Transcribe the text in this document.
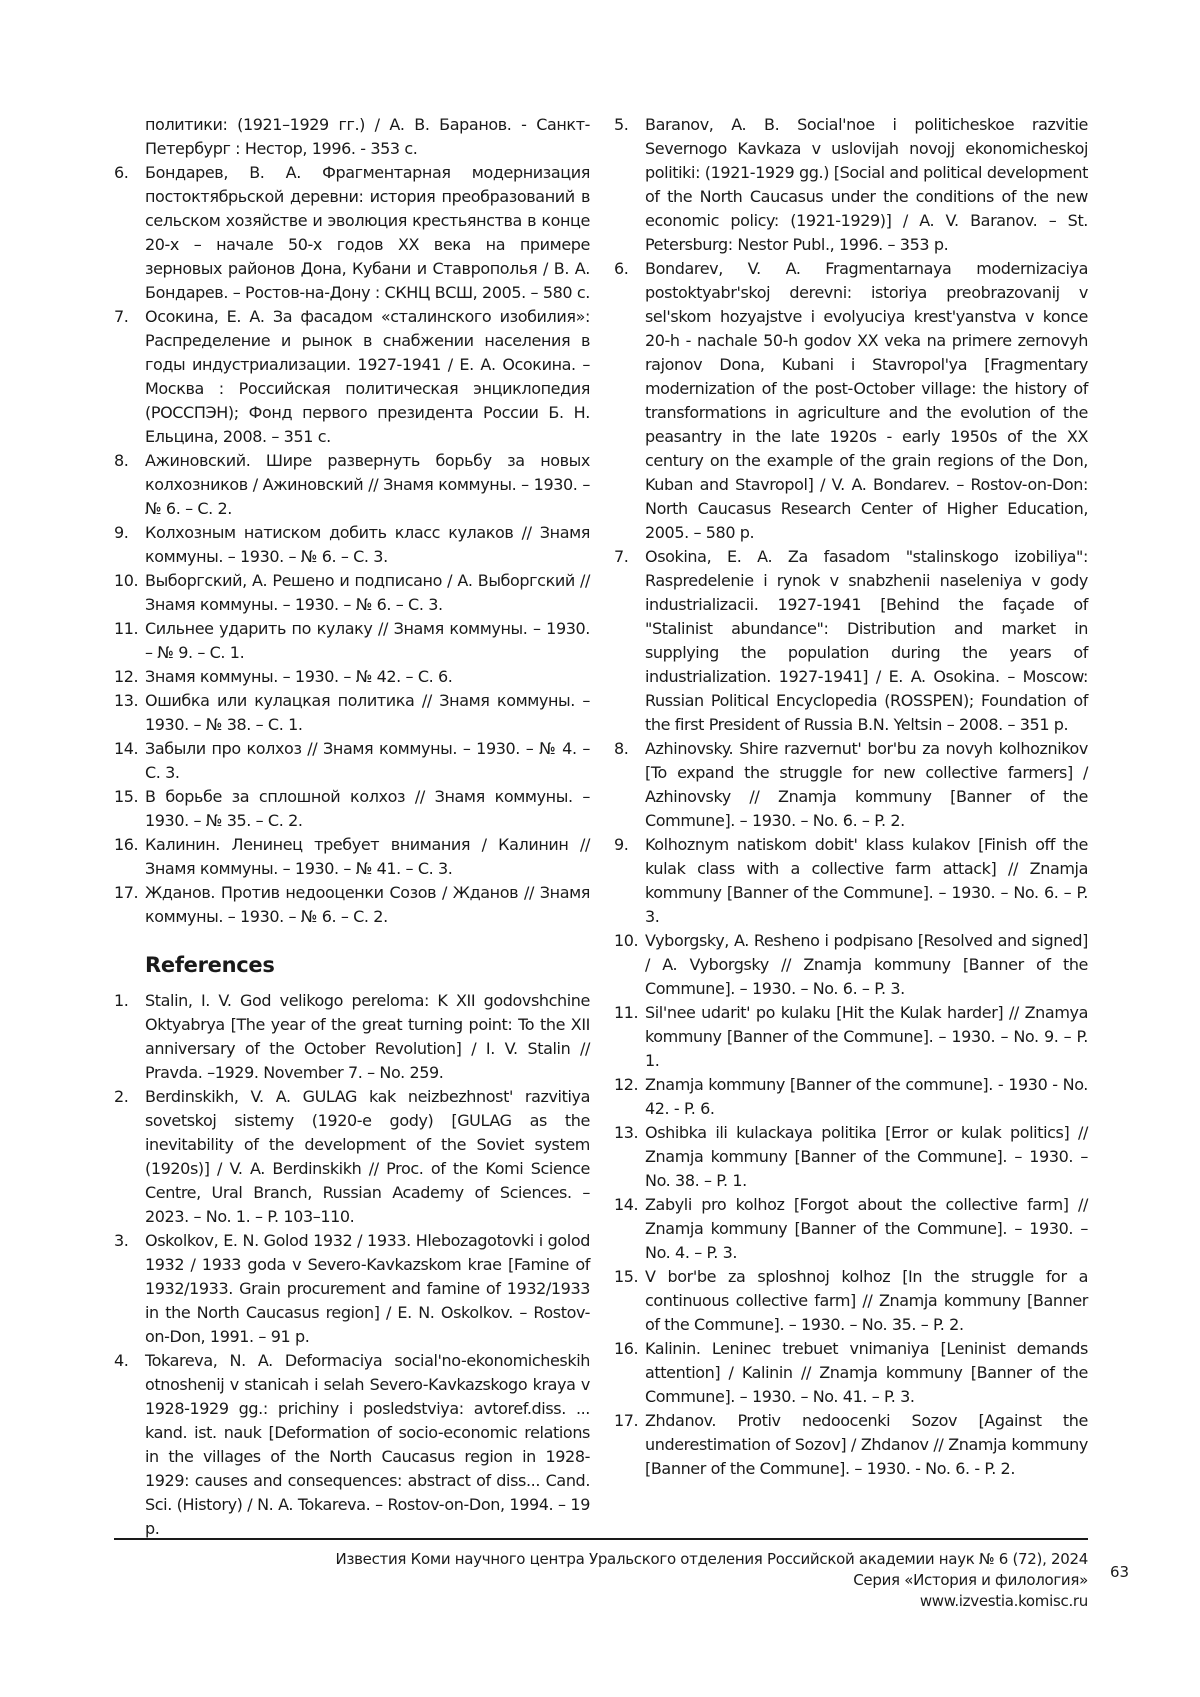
политики: (1921–1929 гг.) / А. В. Баранов. - Санкт-Петербург : Нестор, 1996. - 353 с.

6. Бондарев, В. А. Фрагментарная модернизация постоктябрьской деревни: история преобразований в сельском хозяйстве и эволюция крестьянства в конце 20-х – начале 50-х годов XX века на примере зерновых районов Дона, Кубани и Ставрополья / В. А. Бондарев. – Ростов-на-Дону : СКНЦ ВСШ, 2005. – 580 с.
7. Осокина, Е. А. За фасадом «сталинского изобилия»: Распределение и рынок в снабжении населения в годы индустриализации. 1927-1941 / Е. А. Осокина. – Москва : Российская политическая энциклопедия (РОССПЭН); Фонд первого президента России Б. Н. Ельцина, 2008. – 351 с.
8. Ажиновский. Шире развернуть борьбу за новых колхозников / Ажиновский // Знамя коммуны. – 1930. – № 6. – С. 2.
9. Колхозным натиском добить класс кулаков // Знамя коммуны. – 1930. – № 6. – С. 3.
10. Выборгский, А. Решено и подписано / А. Выборгский // Знамя коммуны. – 1930. – № 6. – С. 3.
11. Сильнее ударить по кулаку // Знамя коммуны. – 1930. – № 9. – С. 1.
12. Знамя коммуны. – 1930. – № 42. – С. 6.
13. Ошибка или кулацкая политика // Знамя коммуны. – 1930. – № 38. – С. 1.
14. Забыли про колхоз // Знамя коммуны. – 1930. – № 4. – С. 3.
15. В борьбе за сплошной колхоз // Знамя коммуны. – 1930. – № 35. – С. 2.
16. Калинин. Ленинец требует внимания / Калинин // Знамя коммуны. – 1930. – № 41. – С. 3.
17. Жданов. Против недооценки Созов / Жданов // Знамя коммуны. – 1930. – № 6. – С. 2.
References
1. Stalin, I. V. God velikogo pereloma: K XII godovshchine Oktyabrya [The year of the great turning point: To the XII anniversary of the October Revolution] / I. V. Stalin // Pravda. –1929. November 7. – No. 259.
2. Berdinskikh, V. A. GULAG kak neizbezhnost' razvitiya sovetskoj sistemy (1920-e gody) [GULAG as the inevitability of the development of the Soviet system (1920s)] / V. A. Berdinskikh // Proc. of the Komi Science Centre, Ural Branch, Russian Academy of Sciences. – 2023. – No. 1. – P. 103–110.
3. Oskolkov, E. N. Golod 1932 / 1933. Hlebozagotovki i golod 1932 / 1933 goda v Severo-Kavkazskom krae [Famine of 1932/1933. Grain procurement and famine of 1932/1933 in the North Caucasus region] / E. N. Oskolkov. – Rostov-on-Don, 1991. – 91 p.
4. Tokareva, N. A. Deformaciya social'no-ekonomicheskih otnoshenij v stanicah i selah Severo-Kavkazskogo kraya v 1928-1929 gg.: prichiny i posledstviya: avtoref.diss. ... kand. ist. nauk [Deformation of socio-economic relations in the villages of the North Caucasus region in 1928-1929: causes and consequences: abstract of diss... Cand. Sci. (History) / N. A. Tokareva. – Rostov-on-Don, 1994. – 19 p.
5. Baranov, A. B. Social'noe i politicheskoe razvitie Severnogo Kavkaza v uslovijah novojj ekonomicheskoj politiki: (1921-1929 gg.) [Social and political development of the North Caucasus under the conditions of the new economic policy: (1921-1929)] / A. V. Baranov. – St. Petersburg: Nestor Publ., 1996. – 353 p.
6. Bondarev, V. A. Fragmentarnaya modernizaciya postoktyabr'skoj derevni: istoriya preobrazovanij v sel'skom hozyajstve i evolyuciya krest'yanstva v konce 20-h - nachale 50-h godov XX veka na primere zernovyh rajonov Dona, Kubani i Stavropol'ya [Fragmentary modernization of the post-October village: the history of transformations in agriculture and the evolution of the peasantry in the late 1920s - early 1950s of the XX century on the example of the grain regions of the Don, Kuban and Stavropol] / V. A. Bondarev. – Rostov-on-Don: North Caucasus Research Center of Higher Education, 2005. – 580 p.
7. Osokina, E. A. Za fasadom "stalinskogo izobiliya": Raspredelenie i rynok v snabzhenii naseleniya v gody industrializacii. 1927-1941 [Behind the façade of "Stalinist abundance": Distribution and market in supplying the population during the years of industrialization. 1927-1941] / E. A. Osokina. – Moscow: Russian Political Encyclopedia (ROSSPEN); Foundation of the first President of Russia B.N. Yeltsin – 2008. – 351 p.
8. Azhinovsky. Shire razvernut' bor'bu za novyh kolhoznikov [To expand the struggle for new collective farmers] / Azhinovsky // Znamja kommuny [Banner of the Commune]. – 1930. – No. 6. – P. 2.
9. Kolhoznym natiskom dobit' klass kulakov [Finish off the kulak class with a collective farm attack] // Znamja kommuny [Banner of the Commune]. – 1930. – No. 6. – P. 3.
10. Vyborgsky, A. Resheno i podpisano [Resolved and signed] / A. Vyborgsky // Znamja kommuny [Banner of the Commune]. – 1930. – No. 6. – P. 3.
11. Sil'nee udarit' po kulaku [Hit the Kulak harder] // Znamya kommuny [Banner of the Commune]. – 1930. – No. 9. – P. 1.
12. Znamja kommuny [Banner of the commune]. - 1930 - No. 42. - P. 6.
13. Oshibka ili kulackaya politika [Error or kulak politics] // Znamja kommuny [Banner of the Commune]. – 1930. – No. 38. – P. 1.
14. Zabyli pro kolhoz [Forgot about the collective farm] // Znamja kommuny [Banner of the Commune]. – 1930. – No. 4. – P. 3.
15. V bor'be za sploshnoj kolhoz [In the struggle for a continuous collective farm] // Znamja kommuny [Banner of the Commune]. – 1930. – No. 35. – P. 2.
16. Kalinin. Leninec trebuet vnimaniya [Leninist demands attention] / Kalinin // Znamja kommuny [Banner of the Commune]. – 1930. – No. 41. – P. 3.
17. Zhdanov. Protiv nedoocenki Sozov [Against the underestimation of Sozov] / Zhdanov // Znamja kommuny [Banner of the Commune]. – 1930. - No. 6. - P. 2.
Известия Коми научного центра Уральского отделения Российской академии наук № 6 (72), 2024
Серия «История и филология»
www.izvestia.komisc.ru
63
